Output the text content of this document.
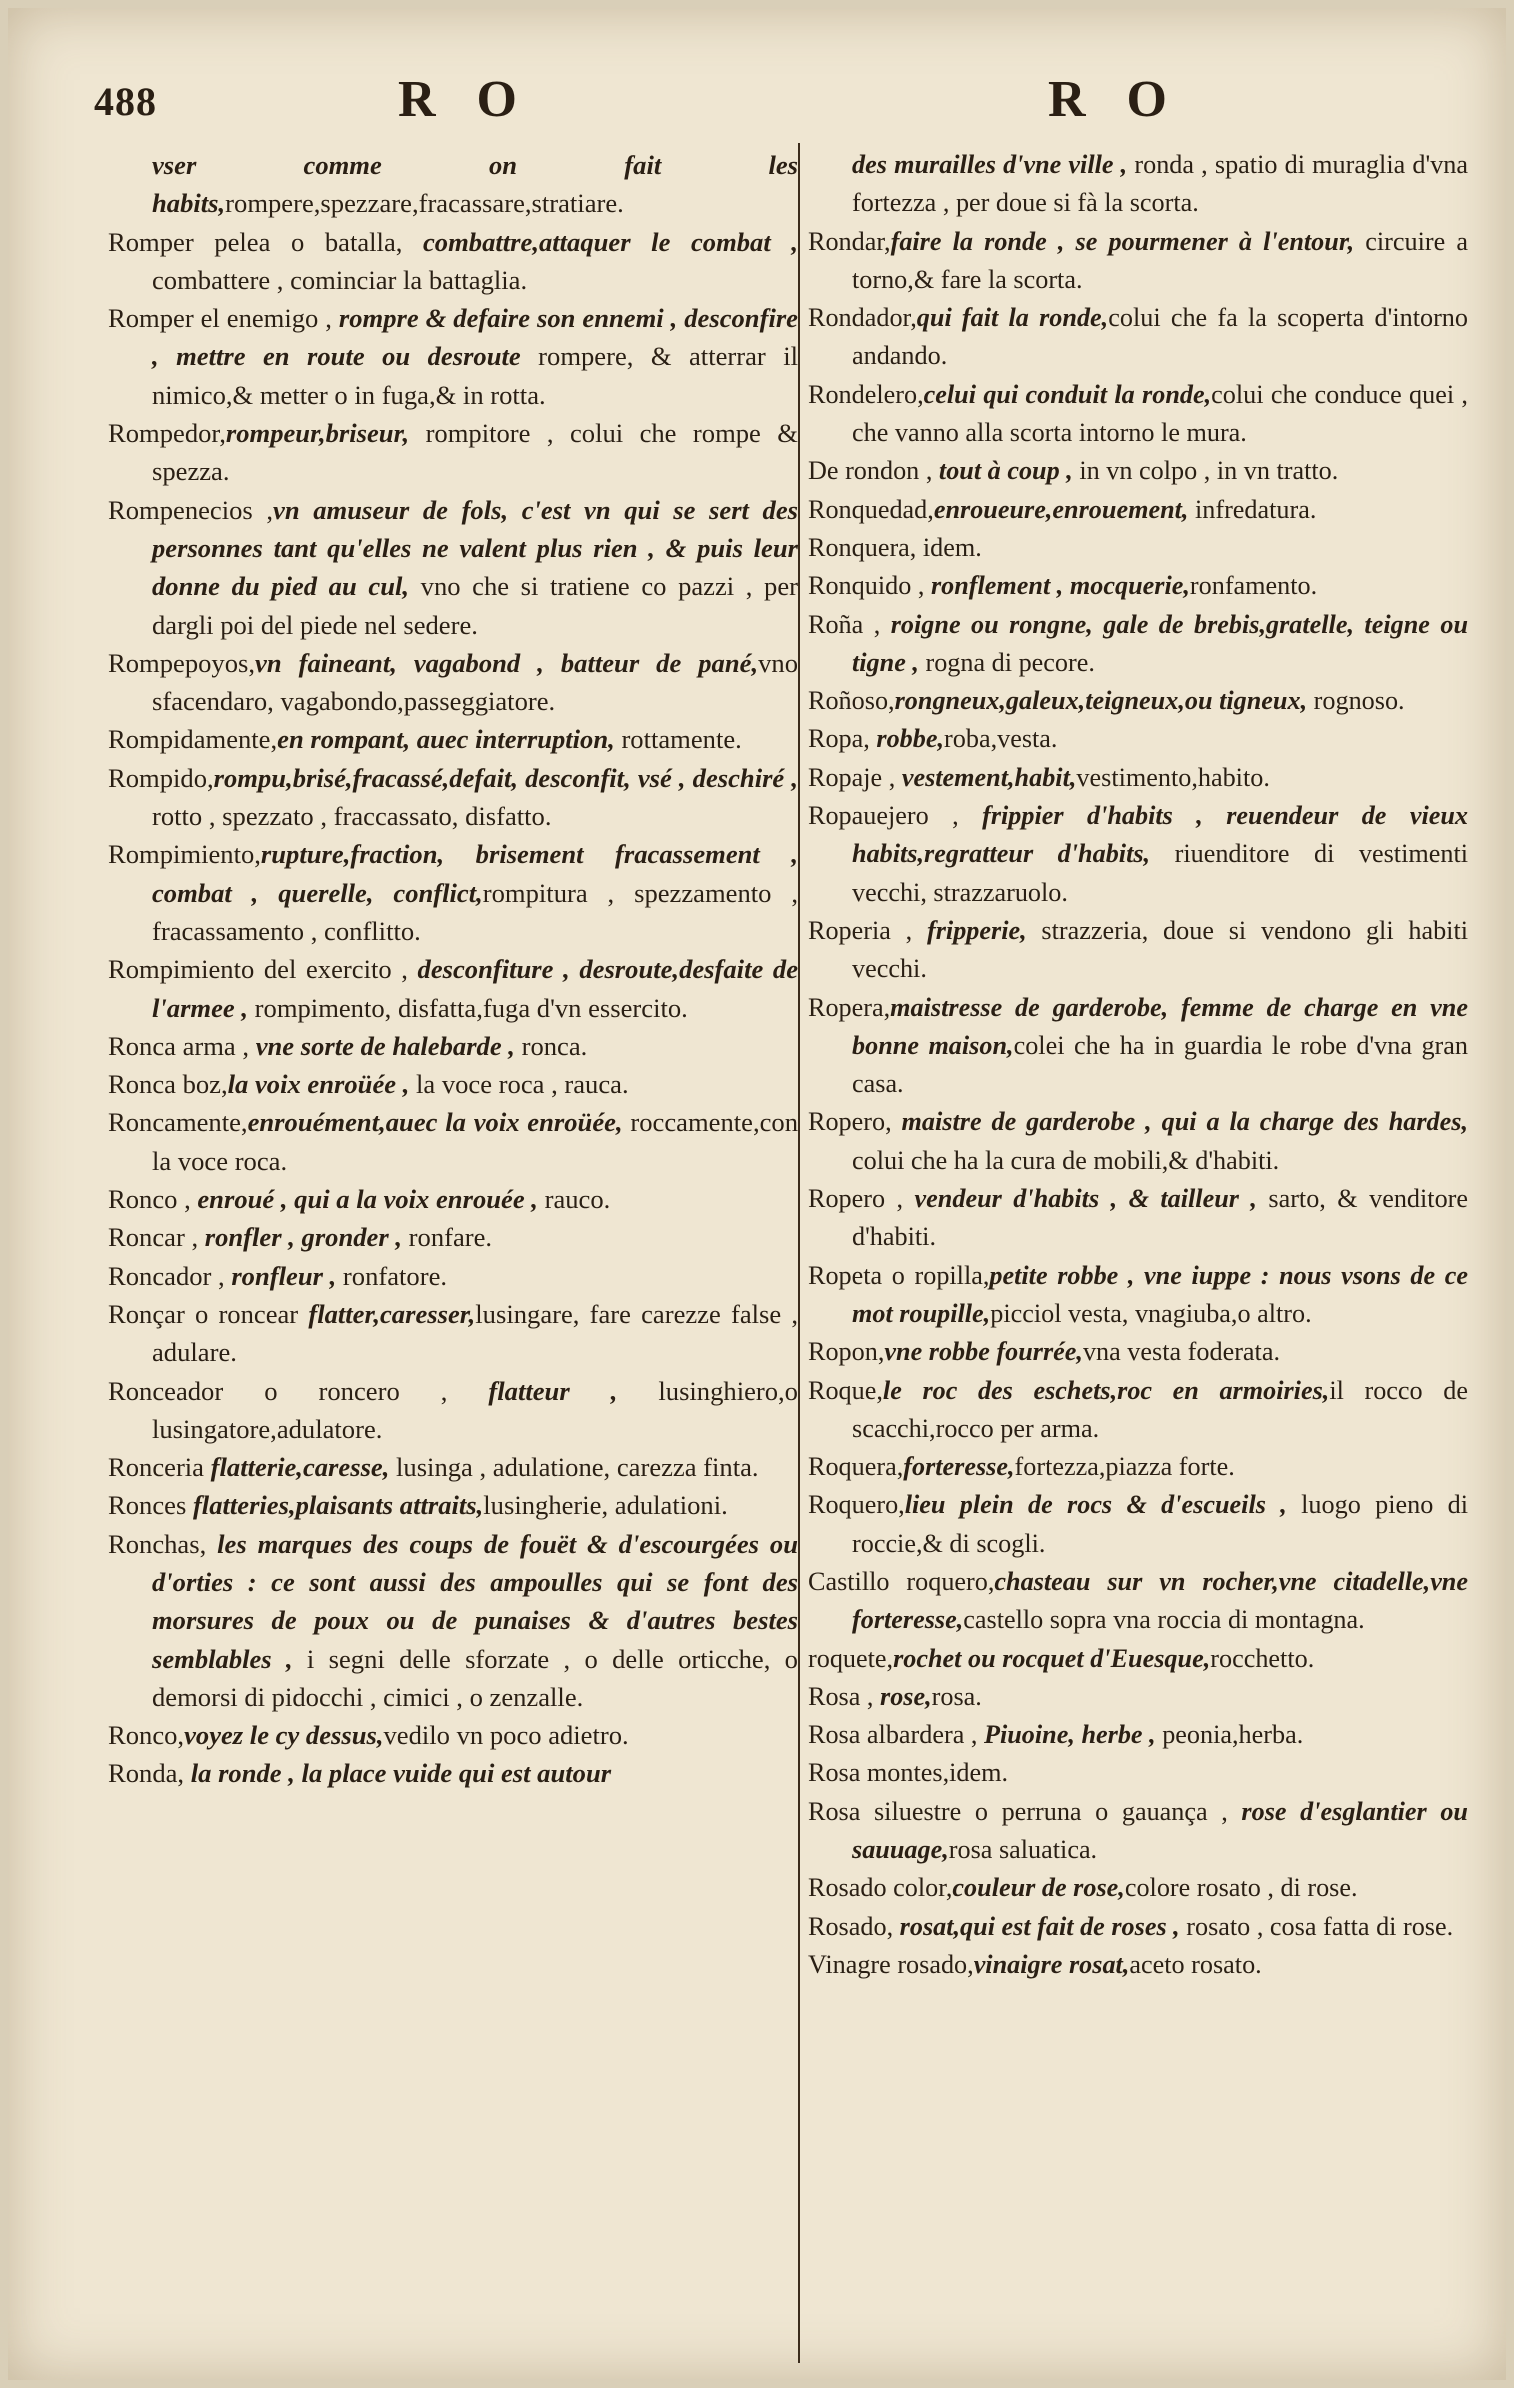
488	R O	R O

vser comme on fait les habits,rompere,spezzare,fracassare,stratiare.

Romper pelea o batalla, combattre,attaquer le combat , combattere , cominciar la battaglia.

Romper el enemigo , rompre & defaire son ennemi , desconfire , mettre en route ou desroute rompere, & atterrar il nimico,& metter o in fuga,& in rotta.

Rompedor,rompeur,briseur, rompitore , colui che rompe & spezza.

Rompenecios ,vn amuseur de fols, c'est vn qui se sert des personnes tant qu'elles ne valent plus rien , & puis leur donne du pied au cul, vno che si tratiene co pazzi , per dargli poi del piede nel sedere.

Rompepoyos,vn faineant, vagabond , batteur de pané,vno sfacendaro, vagabondo,passeggiatore.

Rompidamente,en rompant, auec interruption, rottamente.

Rompido,rompu,brisé,fracassé,defait, desconfit, vsé , deschiré , rotto , spezzato , fraccassato, disfatto.

Rompimiento,rupture,fraction, brisement fracassement , combat , querelle, conflict,rompitura , spezzamento , fracassamento , conflitto.

Rompimiento del exercito , desconfiture , desroute,desfaite de l'armee , rompimento, disfatta,fuga d'vn essercito.

Ronca arma , vne sorte de halebarde , ronca.

Ronca boz,la voix enroüée , la voce roca , rauca.

Roncamente,enrouément,auec la voix enroüée, roccamente,con la voce roca.

Ronco , enroué , qui a la voix enrouée , rauco.

Roncar , ronfler , gronder , ronfare.

Roncador , ronfleur , ronfatore.

Ronçar o roncear flatter,caresser,lusingare, fare carezze false , adulare.

Ronceador o roncero , flatteur , lusinghiero,o lusingatore,adulatore.

Ronceria flatterie,caresse, lusinga , adulatione, carezza finta.

Ronces flatteries,plaisants attraits,lusingherie, adulationi.

Ronchas, les marques des coups de fouët & d'escourgées ou d'orties : ce sont aussi des ampoulles qui se font des morsures de poux ou de punaises & d'autres bestes semblables , i segni delle sforzate , o delle orticche, o demorsi di pidocchi , cimici , o zenzalle.

Ronco,voyez le cy dessus,vedilo vn poco adietro.

Ronda, la ronde , la place vuide qui est autour

des murailles d'vne ville , ronda , spatio di muraglia d'vna fortezza , per doue si fà la scorta.

Rondar,faire la ronde , se pourmener à l'entour, circuire a torno,& fare la scorta.

Rondador,qui fait la ronde,colui che fa la scoperta d'intorno andando.

Rondelero,celui qui conduit la ronde,colui che conduce quei , che vanno alla scorta intorno le mura.

De rondon , tout à coup , in vn colpo , in vn tratto.

Ronquedad,enroueure,enrouement, infredatura.

Ronquera, idem.

Ronquido , ronflement , mocquerie,ronfamento.

Roña , roigne ou rongne, gale de brebis,gratelle, teigne ou tigne , rogna di pecore.

Roñoso,rongneux,galeux,teigneux,ou tigneux, rognoso.

Ropa, robbe,roba,vesta.

Ropaje , vestement,habit,vestimento,habito.

Ropauejero , frippier d'habits , reuendeur de vieux habits,regratteur d'habits, riuenditore di vestimenti vecchi, strazzaruolo.

Roperia , fripperie, strazzeria, doue si vendono gli habiti vecchi.

Ropera,maistresse de garderobe, femme de charge en vne bonne maison,colei che ha in guardia le robe d'vna gran casa.

Ropero, maistre de garderobe , qui a la charge des hardes, colui che ha la cura de mobili,& d'habiti.

Ropero , vendeur d'habits , & tailleur , sarto, & venditore d'habiti.

Ropeta o ropilla,petite robbe , vne iuppe : nous vsons de ce mot roupille,picciol vesta, vnagiuba,o altro.

Ropon,vne robbe fourrée,vna vesta foderata.

Roque,le roc des eschets,roc en armoiries,il rocco de scacchi,rocco per arma.

Roquera,forteresse,fortezza,piazza forte.

Roquero,lieu plein de rocs & d'escueils , luogo pieno di roccie,& di scogli.

Castillo roquero,chasteau sur vn rocher,vne citadelle,vne forteresse,castello sopra vna roccia di montagna.

roquete,rochet ou rocquet d'Euesque,rocchetto.

Rosa , rose,rosa.

Rosa albardera , Piuoine, herbe , peonia,herba.

Rosa montes,idem.

Rosa siluestre o perruna o gauança , rose d'esglantier ou sauuage,rosa saluatica.

Rosado color,couleur de rose,colore rosato , di rose.

Rosado, rosat,qui est fait de roses , rosato , cosa fatta di rose.

Vinagre rosado,vinaigre rosat,aceto rosato.
